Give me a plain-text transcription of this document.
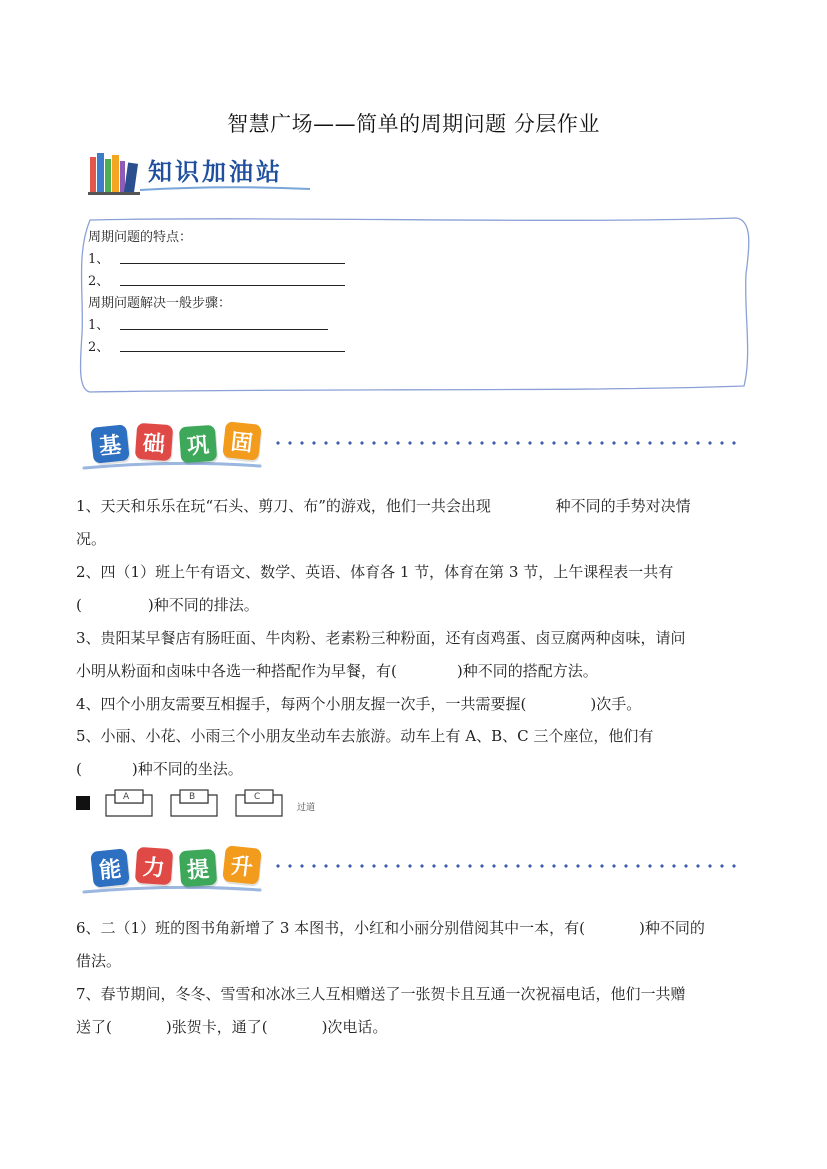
智慧广场——简单的周期问题 分层作业
知识加油站
周期问题的特点：
1、
2、
周期问题解决一般步骤：
1、
2、
基 础 巩 固
1、天天和乐乐在玩“石头、剪刀、布”的游戏，他们一共会出现	种不同的手势对决情
况。
2、四（1）班上午有语文、数学、英语、体育各 1 节，体育在第 3 节，上午课程表一共有
(	)种不同的排法。
3、贵阳某早餐店有肠旺面、牛肉粉、老素粉三种粉面，还有卤鸡蛋、卤豆腐两种卤味，请问
小明从粉面和卤味中各选一种搭配作为早餐，有(	)种不同的搭配方法。
4、四个小朋友需要互相握手，每两个小朋友握一次手，一共需要握(	)次手。
5、小丽、小花、小雨三个小朋友坐动车去旅游。动车上有 A、B、C 三个座位，他们有
(	)种不同的坐法。
A	B	C
过道
能 力 提 升
6、二（1）班的图书角新增了 3 本图书，小红和小丽分别借阅其中一本，有(	)种不同的
借法。
7、春节期间，冬冬、雪雪和冰冰三人互相赠送了一张贺卡且互通一次祝福电话，他们一共赠
送了(	)张贺卡，通了(	)次电话。
